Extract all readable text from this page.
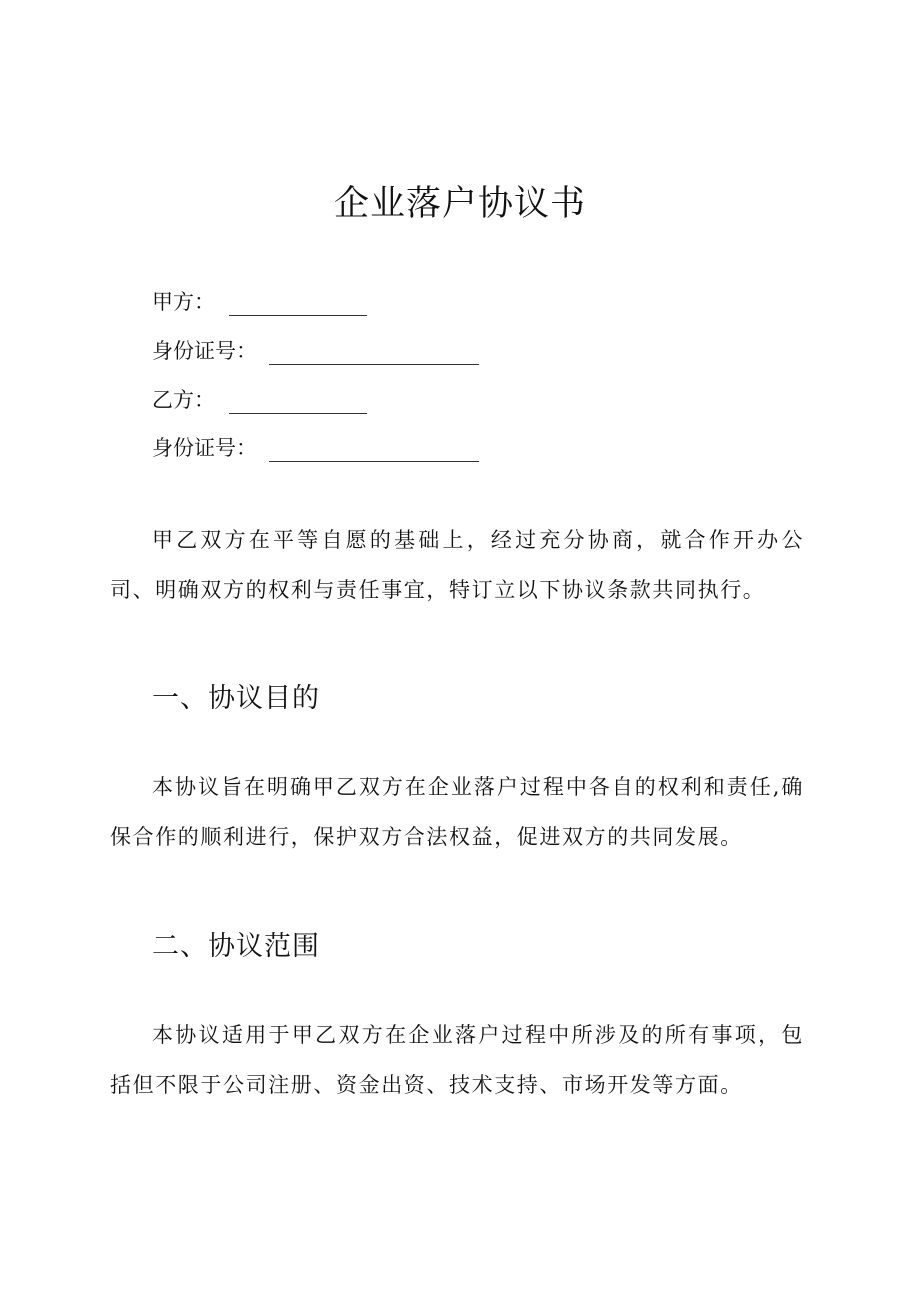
企业落户协议书
甲方：
身份证号：
乙方：
身份证号：

甲乙双方在平等自愿的基础上，经过充分协商，就合作开办公司、明确双方的权利与责任事宜，特订立以下协议条款共同执行。

一、协议目的

本协议旨在明确甲乙双方在企业落户过程中各自的权利和责任,确保合作的顺利进行，保护双方合法权益，促进双方的共同发展。

二、协议范围

本协议适用于甲乙双方在企业落户过程中所涉及的所有事项，包括但不限于公司注册、资金出资、技术支持、市场开发等方面。
